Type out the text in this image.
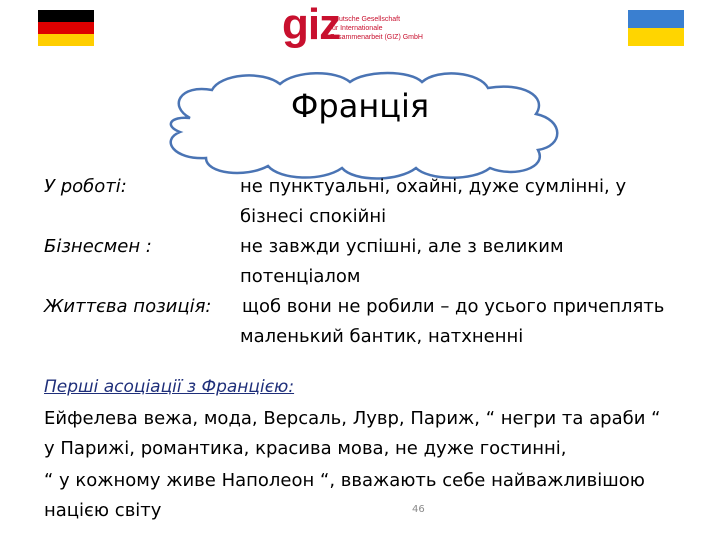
giz
Deutsche Gesellschaft
für Internationale
Zusammenarbeit (GIZ) GmbH
Франція
У роботі:	не пунктуальні, охайні, дуже сумлінні, у
бізнесі спокійні
Бізнесмен :	не завжди успішні, але з великим
потенціалом
Життєва позиція: щоб вони не робили – до усього причеплять
маленький бантик, натхненні
Перші асоціації з Францією:
Ейфелева вежа, мода, Версаль, Лувр, Париж, “ негри та араби “
у Парижі, романтика, красива мова, не дуже гостинні,
“ у кожному живе Наполеон “, вважають себе найважливішою
нацією світу	46
